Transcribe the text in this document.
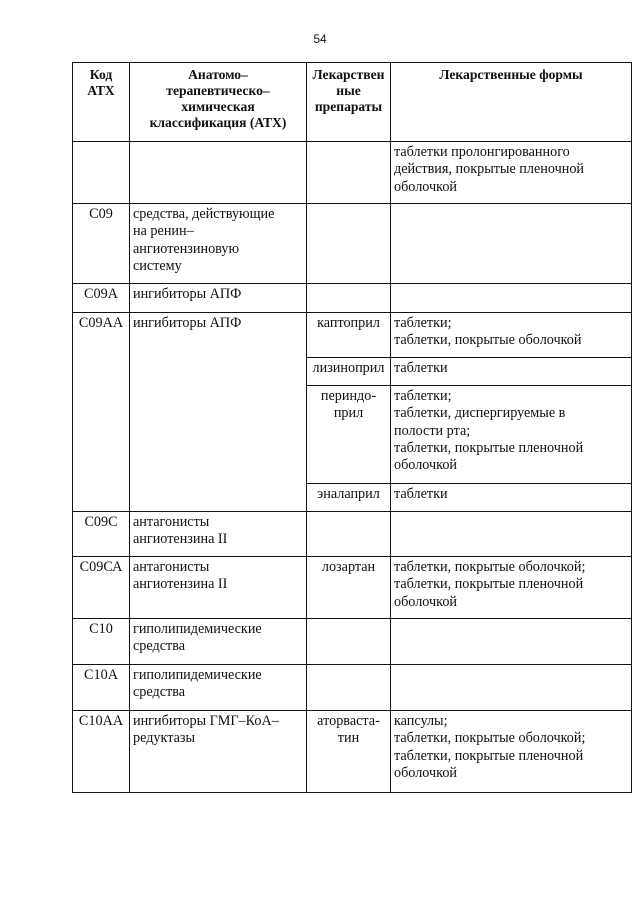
54
Код
АТХ	Анатомо–
терапевтическо–
химическая
классификация (АТХ)	Лекарствен
ные
препараты	Лекарственные формы

			таблетки пролонгированного
действия, покрытые пленочной
оболочкой

С09	средства, действующие
на ренин–
ангиотензиновую
систему		

С09А	ингибиторы АПФ		

С09АА	ингибиторы АПФ	каптоприл	таблетки;
таблетки, покрытые оболочкой

		лизиноприл	таблетки

		периндо-
прил	таблетки;
таблетки, диспергируемые в
полости рта;
таблетки, покрытые пленочной
оболочкой

		эналаприл	таблетки

С09С	антагонисты
ангиотензина II		

С09СА	антагонисты
ангиотензина II	лозартан	таблетки, покрытые оболочкой;
таблетки, покрытые пленочной
оболочкой

С10	гиполипидемические
средства		

С10А	гиполипидемические
средства		

С10АА	ингибиторы ГМГ–КоА–
редуктазы	аторваста-
тин	капсулы;
таблетки, покрытые оболочкой;
таблетки, покрытые пленочной
оболочкой
